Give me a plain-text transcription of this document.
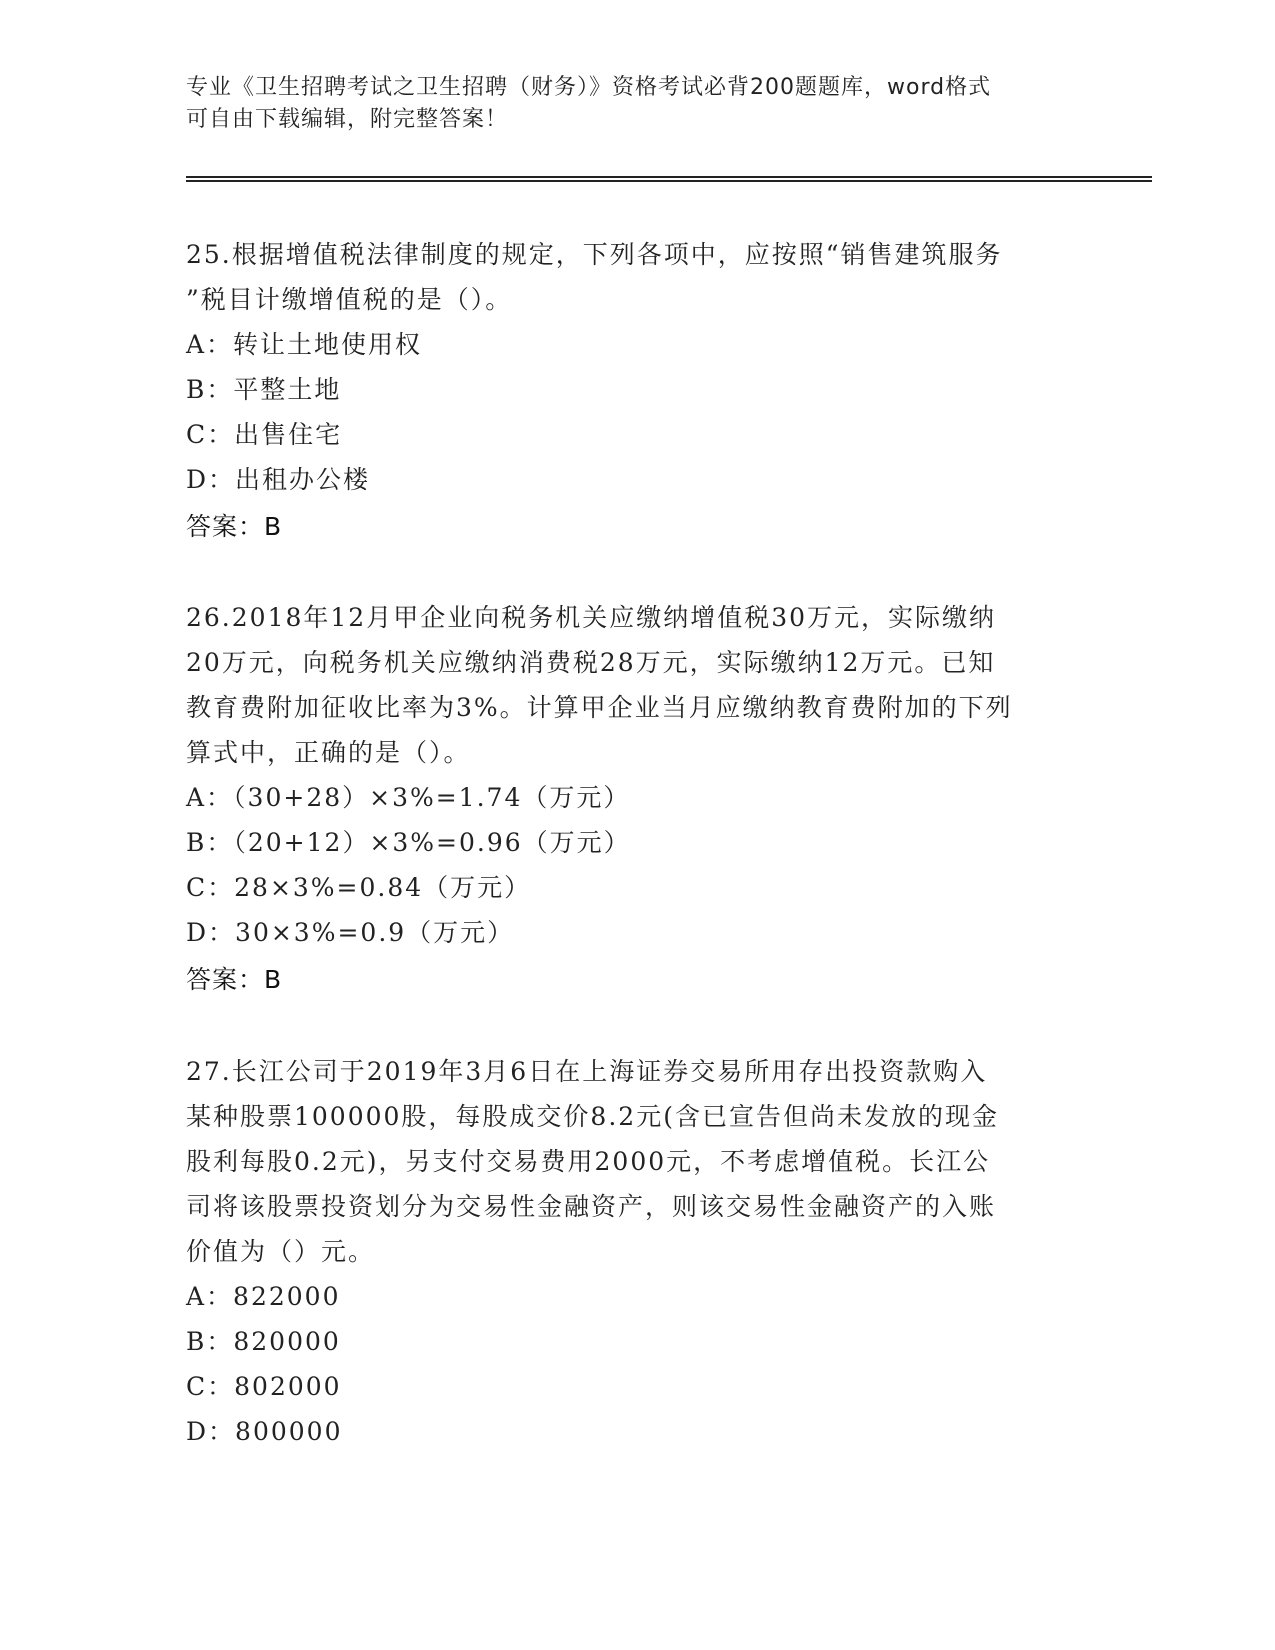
专业《卫生招聘考试之卫生招聘（财务）》资格考试必背200题题库，word格式
可自由下载编辑，附完整答案！
25.根据增值税法律制度的规定，下列各项中，应按照“销售建筑服务
”税目计缴增值税的是（）。
A：转让土地使用权
B：平整土地
C：出售住宅
D：出租办公楼
答案：B
26.2018年12月甲企业向税务机关应缴纳增值税30万元，实际缴纳
20万元，向税务机关应缴纳消费税28万元，实际缴纳12万元。已知
教育费附加征收比率为3%。计算甲企业当月应缴纳教育费附加的下列
算式中，正确的是（）。
A：（30+28）×3%=1.74（万元）
B：（20+12）×3%=0.96（万元）
C：28×3%=0.84（万元）
D：30×3%=0.9（万元）
答案：B
27.长江公司于2019年3月6日在上海证券交易所用存出投资款购入
某种股票100000股，每股成交价8.2元(含已宣告但尚未发放的现金
股利每股0.2元)，另支付交易费用2000元，不考虑增值税。长江公
司将该股票投资划分为交易性金融资产，则该交易性金融资产的入账
价值为（）元。
A：822000
B：820000
C：802000
D：800000
